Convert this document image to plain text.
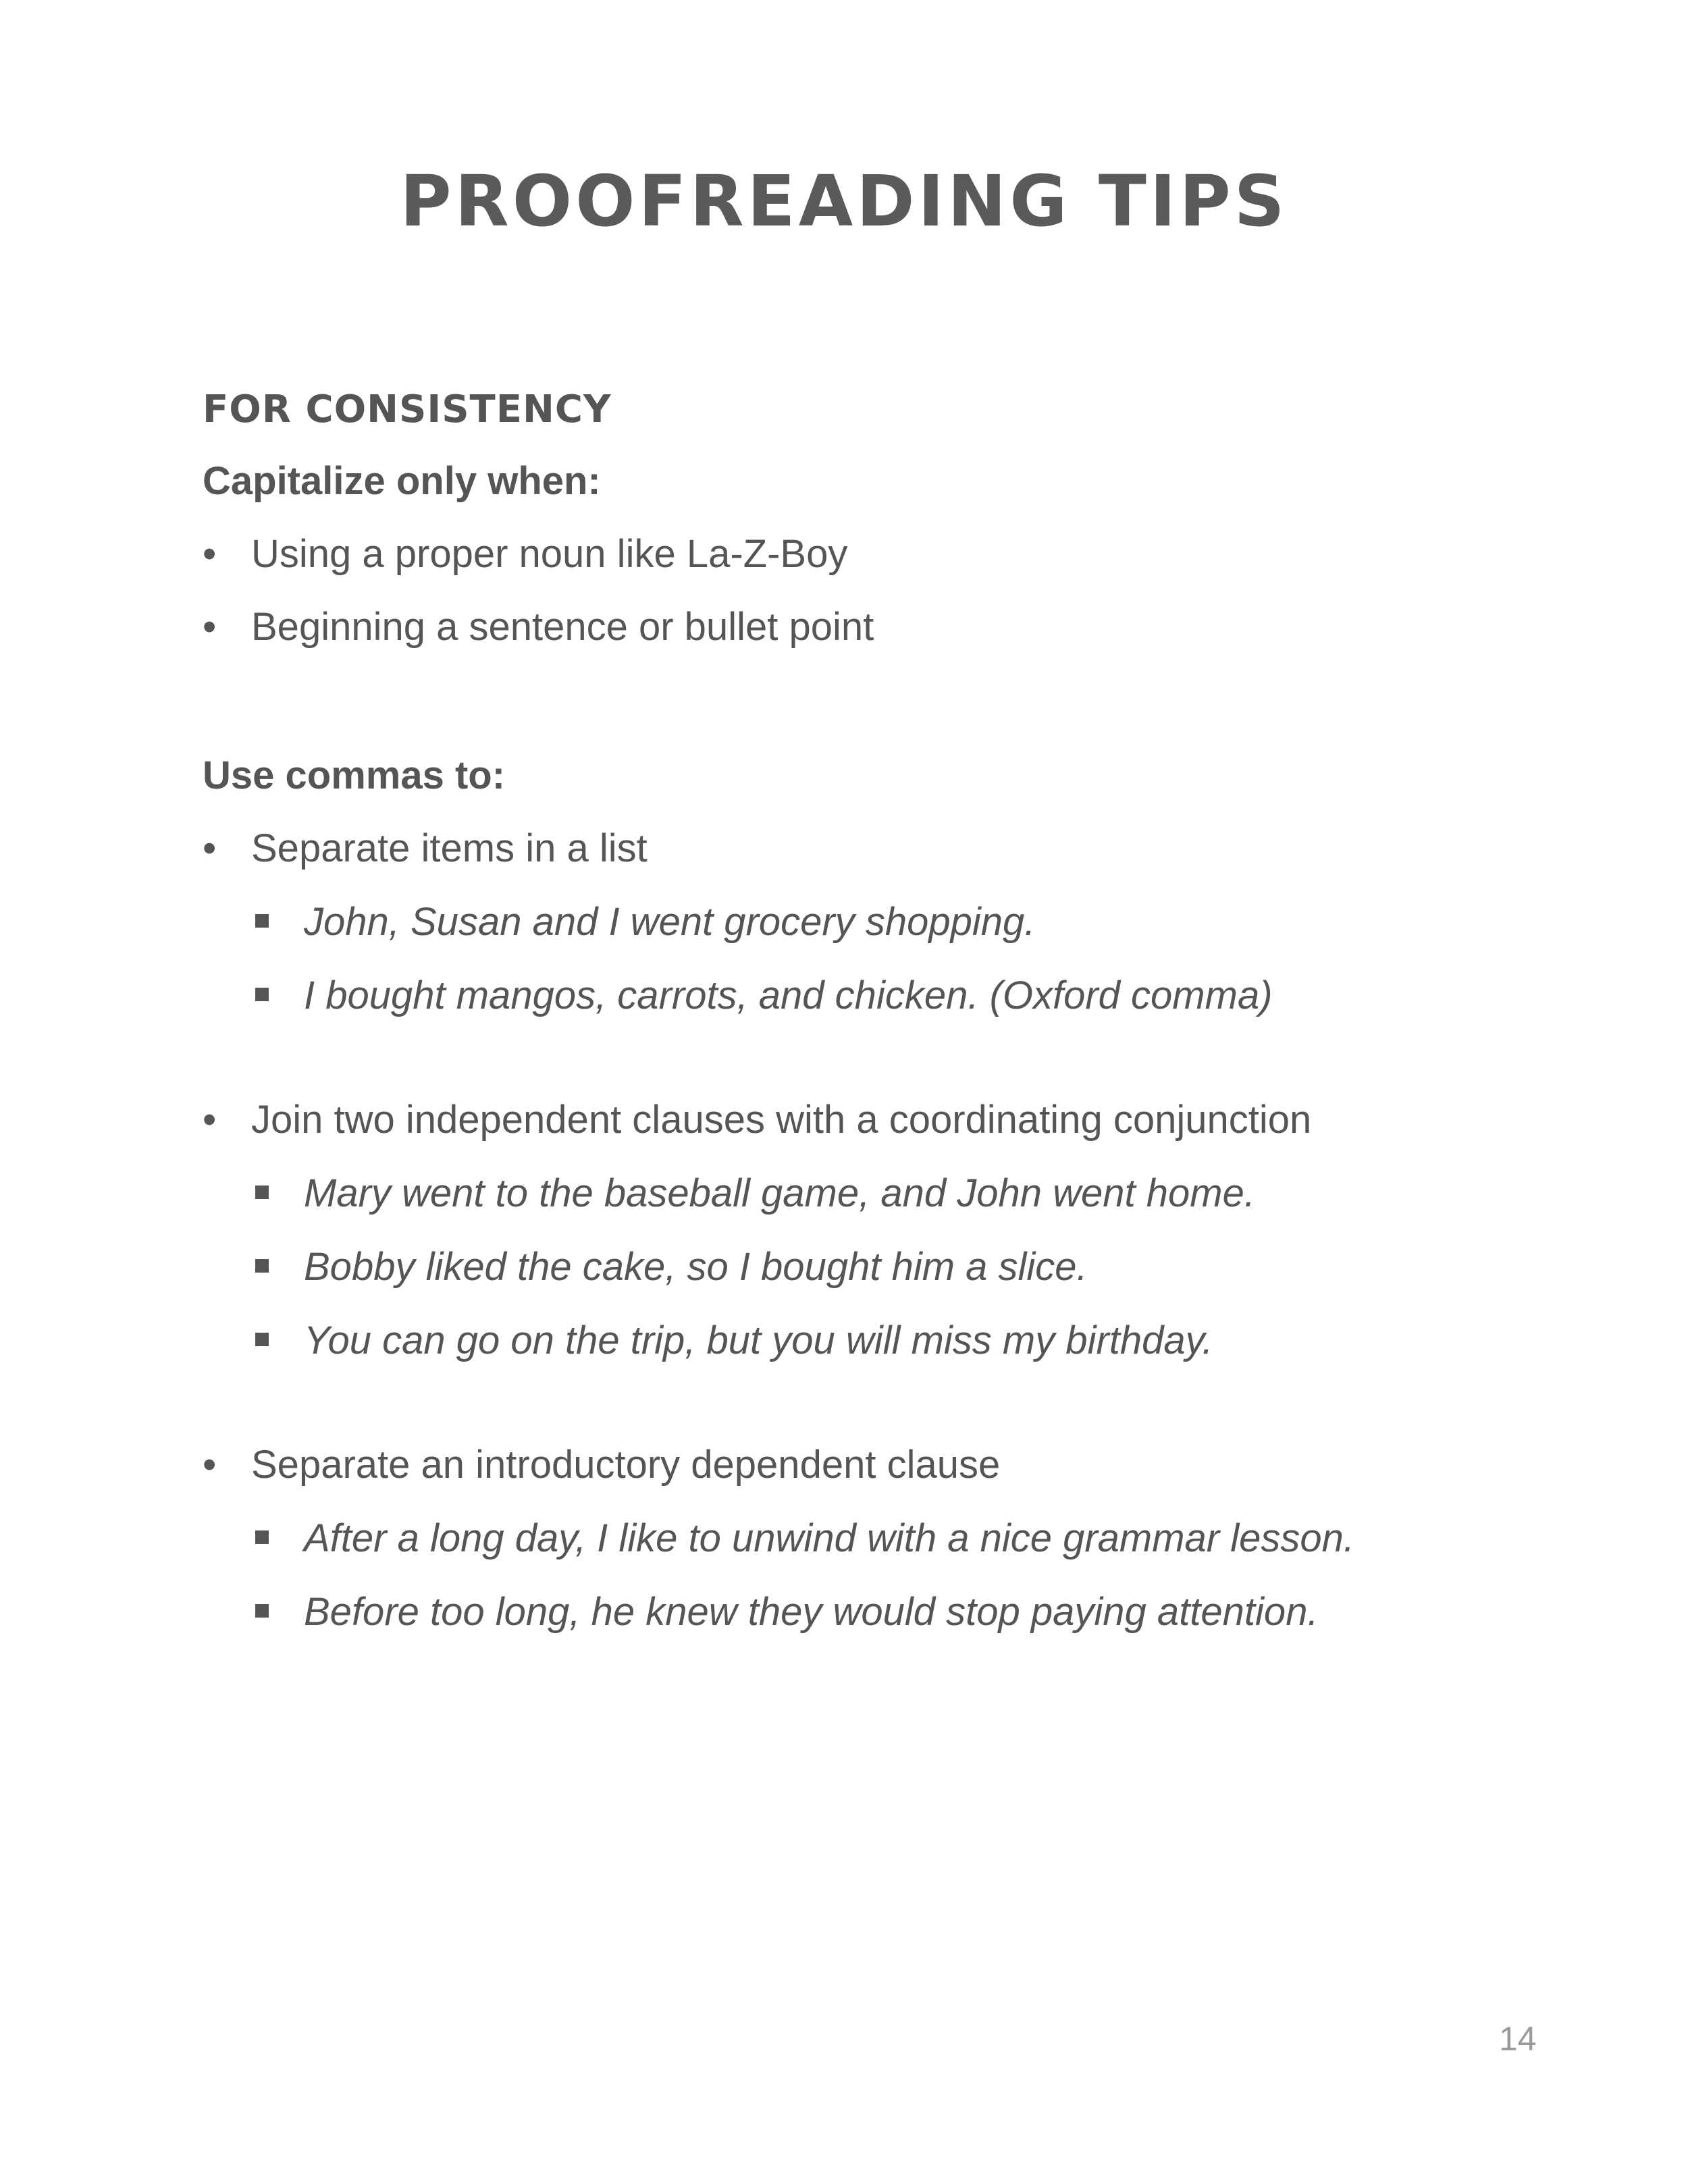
PROOFREADING TIPS
FOR CONSISTENCY
Capitalize only when:
• Using a proper noun like La-Z-Boy
• Beginning a sentence or bullet point
Use commas to:
• Separate items in a list
John, Susan and I went grocery shopping.
I bought mangos, carrots, and chicken. (Oxford comma)
• Join two independent clauses with a coordinating conjunction
Mary went to the baseball game, and John went home.
Bobby liked the cake, so I bought him a slice.
You can go on the trip, but you will miss my birthday.
• Separate an introductory dependent clause
After a long day, I like to unwind with a nice grammar lesson.
Before too long, he knew they would stop paying attention.
14
